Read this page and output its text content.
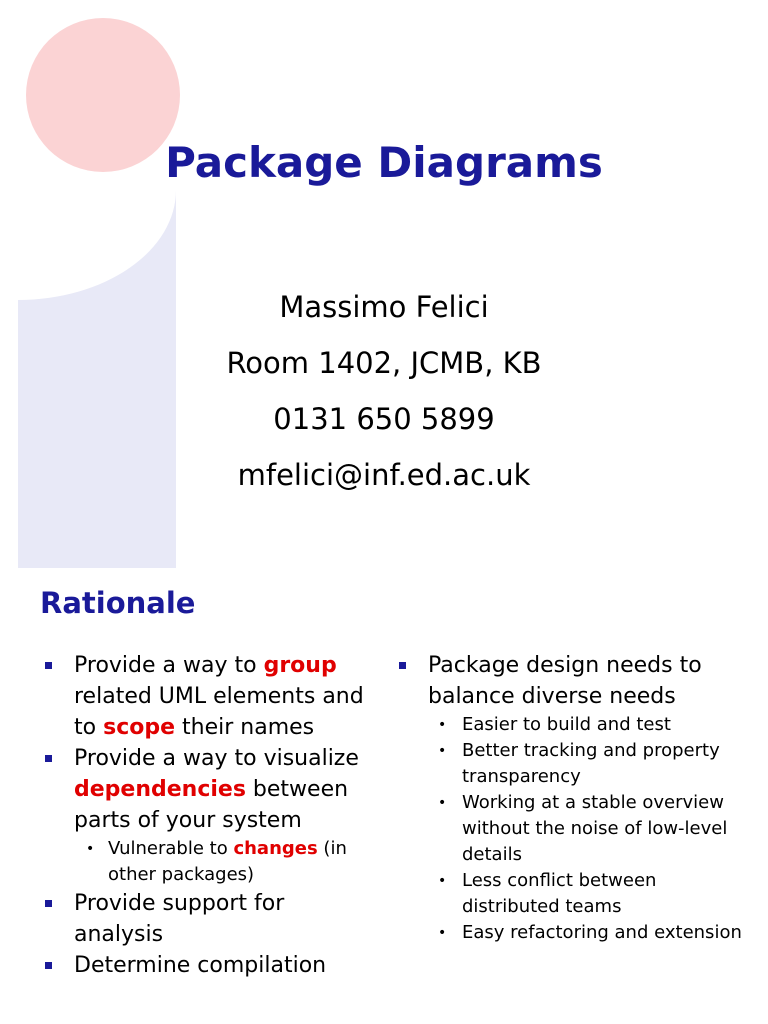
Package Diagrams

Massimo Felici

Room 1402, JCMB, KB

0131 650 5899

mfelici@inf.ed.ac.uk

Rationale
Provide a way to group related UML elements and to scope their names
Provide a way to visualize dependencies between parts of your system
• Vulnerable to changes (in other packages)
Provide support for analysis
Determine compilation
Package design needs to balance diverse needs
• Easier to build and test
• Better tracking and property transparency
• Working at a stable overview without the noise of low-level details
• Less conflict between distributed teams
• Easy refactoring and extension
